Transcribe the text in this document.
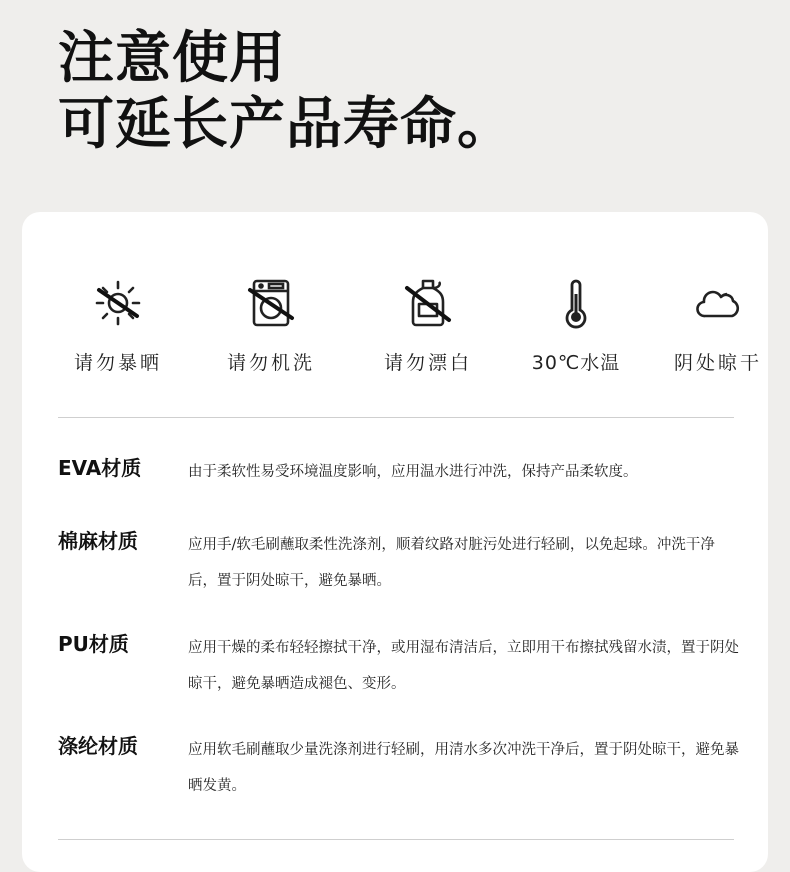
注意使用
可延长产品寿命。
请勿暴晒	请勿机洗	请勿漂白	30℃水温	阴处晾干
EVA材质	由于柔软性易受环境温度影响，应用温水进行冲洗，保持产品柔软度。
棉麻材质	应用手/软毛刷蘸取柔性洗涤剂，顺着纹路对脏污处进行轻刷，以免起球。冲洗干净后，置于阴处晾干，避免暴晒。
PU材质	应用干燥的柔布轻轻擦拭干净，或用湿布清洁后，立即用干布擦拭残留水渍，置于阴处晾干，避免暴晒造成褪色、变形。
涤纶材质	应用软毛刷蘸取少量洗涤剂进行轻刷，用清水多次冲洗干净后，置于阴处晾干，避免暴晒发黄。
